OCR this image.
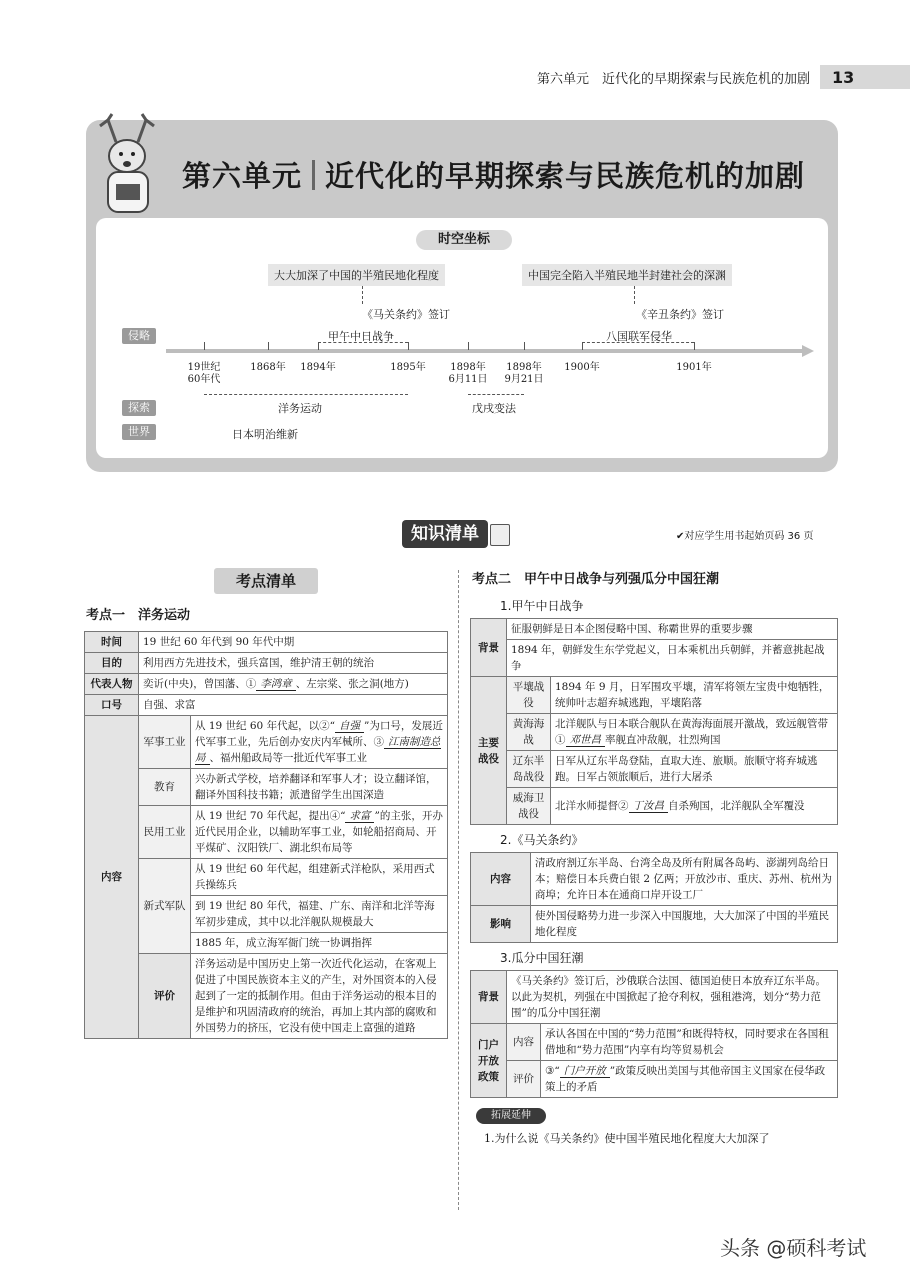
第六单元　近代化的早期探索与民族危机的加剧	13
第六单元 近代化的早期探索与民族危机的加剧
时空坐标
大大加深了中国的半殖民地化程度	中国完全陷入半殖民地半封建社会的深渊
《马关条约》签订	《辛丑条约》签订
侵略	甲午中日战争	八国联军侵华
19世纪
60年代
1868年	1894年	1895年	1898年
6月11日
1898年
9月21日
1900年	1901年
探索	洋务运动	戊戌变法
世界	日本明治维新
知识清单	✔对应学生用书起始页码 36 页
考点清单
考点一　洋务运动
时间	19 世纪 60 年代到 90 年代中期	
目的	利用西方先进技术，强兵富国，维护清王朝的统治	
代表人物	奕䜣(中央)，曾国藩、① 李鸿章 、左宗棠、张之洞(地方)	
口号	自强、求富	
内容	军事工业	从 19 世纪 60 年代起，以②“ 自强 ”为口号，发展近代军事工业，先后创办安庆内军械所、③ 江南制造总局 、福州船政局等一批近代军事工业
	教育	兴办新式学校，培养翻译和军事人才；设立翻译馆，翻译外国科技书籍；派遣留学生出国深造
	民用工业	从 19 世纪 70 年代起，提出④“ 求富 ”的主张，开办近代民用企业，以辅助军事工业，如轮船招商局、开平煤矿、汉阳铁厂、湖北织布局等
	新式军队	从 19 世纪 60 年代起，组建新式洋枪队，采用西式兵操练兵
		到 19 世纪 80 年代，福建、广东、南洋和北洋等海军初步建成，其中以北洋舰队规模最大
		1885 年，成立海军衙门统一协调指挥
	评价	洋务运动是中国历史上第一次近代化运动，在客观上促进了中国民族资本主义的产生，对外国资本的入侵起到了一定的抵制作用。但由于洋务运动的根本目的是维护和巩固清政府的统治，再加上其内部的腐败和外国势力的挤压，它没有使中国走上富强的道路
考点二　甲午中日战争与列强瓜分中国狂潮
1.甲午中日战争
背景	征服朝鲜是日本企图侵略中国、称霸世界的重要步骤	
	1894 年，朝鲜发生东学党起义，日本乘机出兵朝鲜，并蓄意挑起战争	
主要战役	平壤战役	1894 年 9 月，日军围攻平壤，清军将领左宝贵中炮牺牲，统帅叶志超弃城逃跑，平壤陷落
	黄海海战	北洋舰队与日本联合舰队在黄海海面展开激战，致远舰管带① 邓世昌 率舰直冲敌舰，壮烈殉国
	辽东半岛战役	日军从辽东半岛登陆，直取大连、旅顺。旅顺守将弃城逃跑。日军占领旅顺后，进行大屠杀
	威海卫战役	北洋水师提督② 丁汝昌 自杀殉国，北洋舰队全军覆没
2.《马关条约》
内容	清政府割辽东半岛、台湾全岛及所有附属各岛屿、澎湖列岛给日本；赔偿日本兵费白银 2 亿两；开放沙市、重庆、苏州、杭州为商埠；允许日本在通商口岸开设工厂
影响	使外国侵略势力进一步深入中国腹地，大大加深了中国的半殖民地化程度
3.瓜分中国狂潮
背景	《马关条约》签订后，沙俄联合法国、德国迫使日本放弃辽东半岛。以此为契机，列强在中国掀起了抢夺利权，强租港湾，划分“势力范围”的瓜分中国狂潮	
门户开放政策	内容	承认各国在中国的“势力范围”和既得特权，同时要求在各国租借地和“势力范围”内享有均等贸易机会
	评价	③“ 门户开放 ”政策反映出美国与其他帝国主义国家在侵华政策上的矛盾
拓展延伸
1.为什么说《马关条约》使中国半殖民地化程度大大加深了
头条 @硕科考试
